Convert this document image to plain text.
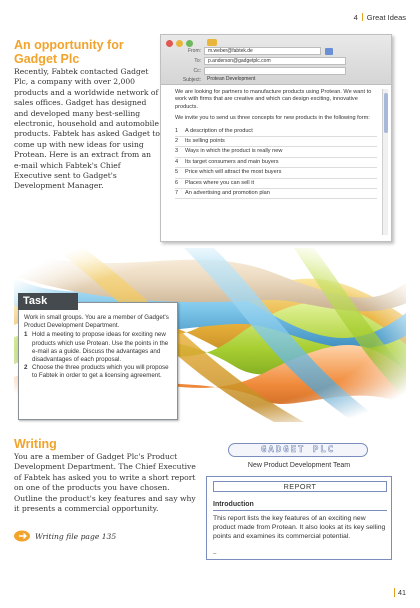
4 Great Ideas
An opportunity for Gadget Plc
Recently, Fabtek contacted Gadget Plc, a company with over 2,000 products and a worldwide network of sales offices. Gadget has designed and developed many best-selling electronic, household and automobile products. Fabtek has asked Gadget to come up with new ideas for using Protean. Here is an extract from an e-mail which Fabtek's Chief Executive sent to Gadget's Development Manager.
From:	m.weber@fabtek.de
To:	p.anderson@gadgetplc.com
Cc:
Subject:	Protean Development

We are looking for partners to manufacture products using Protean. We want to work with firms that are creative and which can design exciting, innovative products.

We invite you to send us three concepts for new products in the following form:

1	A description of the product
2	Its selling points
3	Ways in which the product is really new
4	Its target consumers and main buyers
5	Price which will attract the most buyers
6	Places where you can sell it
7	An advertising and promotion plan
Task
Work in small groups. You are a member of Gadget's Product Development Department.
1 Hold a meeting to propose ideas for exciting new products which use Protean. Use the points in the e-mail as a guide. Discuss the advantages and disadvantages of each proposal.
2 Choose the three products which you will propose to Fabtek in order to get a licensing agreement.
Writing
You are a member of Gadget Plc's Product Development Department. The Chief Executive of Fabtek has asked you to write a short report on one of the products you have chosen. Outline the product's key features and say why it presents a commercial opportunity.
Writing file page 135
GADGET PLC
New Product Development Team
REPORT
Introduction
This report lists the key features of an exciting new product made from Protean. It also looks at its key selling points and examines its commercial potential.
–
41
